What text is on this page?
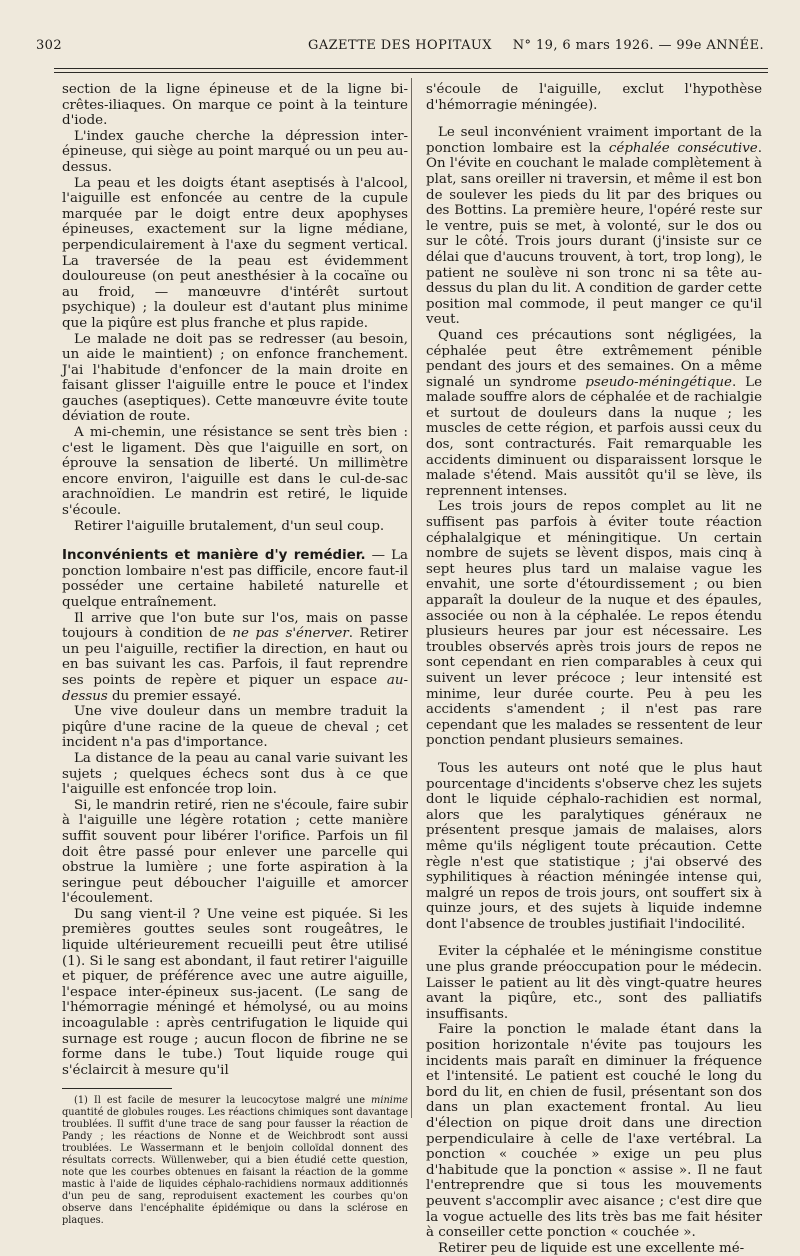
302	GAZETTE DES HOPITAUX	N° 19, 6 mars 1926. — 99e ANNÉE.

section de la ligne épineuse et de la ligne bi-crêtes-iliaques. On marque ce point à la teinture d'iode.

L'index gauche cherche la dépression inter-épineuse, qui siège au point marqué ou un peu au-dessus.

La peau et les doigts étant aseptisés à l'alcool, l'aiguille est enfoncée au centre de la cupule marquée par le doigt entre deux apophyses épineuses, exactement sur la ligne médiane, perpendiculairement à l'axe du segment vertical. La traversée de la peau est évidemment douloureuse (on peut anesthésier à la cocaïne ou au froid, — manœuvre d'intérêt surtout psychique) ; la douleur est d'autant plus minime que la piqûre est plus franche et plus rapide.

Le malade ne doit pas se redresser (au besoin, un aide le maintient) ; on enfonce franchement. J'ai l'habitude d'enfoncer de la main droite en faisant glisser l'aiguille entre le pouce et l'index gauches (aseptiques). Cette manœuvre évite toute déviation de route.

A mi-chemin, une résistance se sent très bien : c'est le ligament. Dès que l'aiguille en sort, on éprouve la sensation de liberté. Un millimètre encore environ, l'aiguille est dans le cul-de-sac arachnoïdien. Le mandrin est retiré, le liquide s'écoule.

Retirer l'aiguille brutalement, d'un seul coup.

Inconvénients et manière d'y remédier. — La ponction lombaire n'est pas difficile, encore faut-il posséder une certaine habileté naturelle et quelque entraînement.

Il arrive que l'on bute sur l'os, mais on passe toujours à condition de ne pas s'énerver. Retirer un peu l'aiguille, rectifier la direction, en haut ou en bas suivant les cas. Parfois, il faut reprendre ses points de repère et piquer un espace au-dessus du premier essayé.

Une vive douleur dans un membre traduit la piqûre d'une racine de la queue de cheval ; cet incident n'a pas d'importance.

La distance de la peau au canal varie suivant les sujets ; quelques échecs sont dus à ce que l'aiguille est enfoncée trop loin.

Si, le mandrin retiré, rien ne s'écoule, faire subir à l'aiguille une légère rotation ; cette manière suffit souvent pour libérer l'orifice. Parfois un fil doit être passé pour enlever une parcelle qui obstrue la lumière ; une forte aspiration à la seringue peut déboucher l'aiguille et amorcer l'écoulement.

Du sang vient-il ? Une veine est piquée. Si les premières gouttes seules sont rougeâtres, le liquide ultérieurement recueilli peut être utilisé (1). Si le sang est abondant, il faut retirer l'aiguille et piquer, de préférence avec une autre aiguille, l'espace inter-épineux sus-jacent. (Le sang de l'hémorragie méningé et hémolysé, ou au moins incoagulable : après centrifugation le liquide qui surnage est rouge ; aucun flocon de fibrine ne se forme dans le tube.) Tout liquide rouge qui s'éclaircit à mesure qu'il

(1) Il est facile de mesurer la leucocytose malgré une minime quantité de globules rouges. Les réactions chimiques sont davantage troublées. Il suffit d'une trace de sang pour fausser la réaction de Pandy ; les réactions de Nonne et de Weichbrodt sont aussi troublées. Le Wassermann et le benjoin colloïdal donnent des résultats corrects. Wüllenweber, qui a bien étudié cette question, note que les courbes obtenues en faisant la réaction de la gomme mastic à l'aide de liquides céphalo-rachidiens normaux additionnés d'un peu de sang, reproduisent exactement les courbes qu'on observe dans l'encéphalite épidémique ou dans la sclérose en plaques.

s'écoule de l'aiguille, exclut l'hypothèse d'hémorragie méningée).

Le seul inconvénient vraiment important de la ponction lombaire est la céphalée consécutive. On l'évite en couchant le malade complètement à plat, sans oreiller ni traversin, et même il est bon de soulever les pieds du lit par des briques ou des Bottins. La première heure, l'opéré reste sur le ventre, puis se met, à volonté, sur le dos ou sur le côté. Trois jours durant (j'insiste sur ce délai que d'aucuns trouvent, à tort, trop long), le patient ne soulève ni son tronc ni sa tête au-dessus du plan du lit. A condition de garder cette position mal commode, il peut manger ce qu'il veut.

Quand ces précautions sont négligées, la céphalée peut être extrêmement pénible pendant des jours et des semaines. On a même signalé un syndrome pseudo-méningétique. Le malade souffre alors de céphalée et de rachialgie et surtout de douleurs dans la nuque ; les muscles de cette région, et parfois aussi ceux du dos, sont contracturés. Fait remarquable les accidents diminuent ou disparaissent lorsque le malade s'étend. Mais aussitôt qu'il se lève, ils reprennent intenses.

Les trois jours de repos complet au lit ne suffisent pas parfois à éviter toute réaction céphalalgique et méningitique. Un certain nombre de sujets se lèvent dispos, mais cinq à sept heures plus tard un malaise vague les envahit, une sorte d'étourdissement ; ou bien apparaît la douleur de la nuque et des épaules, associée ou non à la céphalée. Le repos étendu plusieurs heures par jour est nécessaire. Les troubles observés après trois jours de repos ne sont cependant en rien comparables à ceux qui suivent un lever précoce ; leur intensité est minime, leur durée courte. Peu à peu les accidents s'amendent ; il n'est pas rare cependant que les malades se ressentent de leur ponction pendant plusieurs semaines.

Tous les auteurs ont noté que le plus haut pourcentage d'incidents s'observe chez les sujets dont le liquide céphalo-rachidien est normal, alors que les paralytiques généraux ne présentent presque jamais de malaises, alors même qu'ils négligent toute précaution. Cette règle n'est que statistique ; j'ai observé des syphilitiques à réaction méningée intense qui, malgré un repos de trois jours, ont souffert six à quinze jours, et des sujets à liquide indemne dont l'absence de troubles justifiait l'indocilité.

Eviter la céphalée et le méningisme constitue une plus grande préoccupation pour le médecin. Laisser le patient au lit dès vingt-quatre heures avant la piqûre, etc., sont des palliatifs insuffisants.

Faire la ponction le malade étant dans la position horizontale n'évite pas toujours les incidents mais paraît en diminuer la fréquence et l'intensité. Le patient est couché le long du bord du lit, en chien de fusil, présentant son dos dans un plan exactement frontal. Au lieu d'élection on pique droit dans une direction perpendiculaire à celle de l'axe vertébral. La ponction « couchée » exige un peu plus d'habitude que la ponction « assise ». Il ne faut l'entreprendre que si tous les mouvements peuvent s'accomplir avec aisance ; c'est dire que la vogue actuelle des lits très bas me fait hésiter à conseiller cette ponction « couchée ».

Retirer peu de liquide est une excellente mé-
